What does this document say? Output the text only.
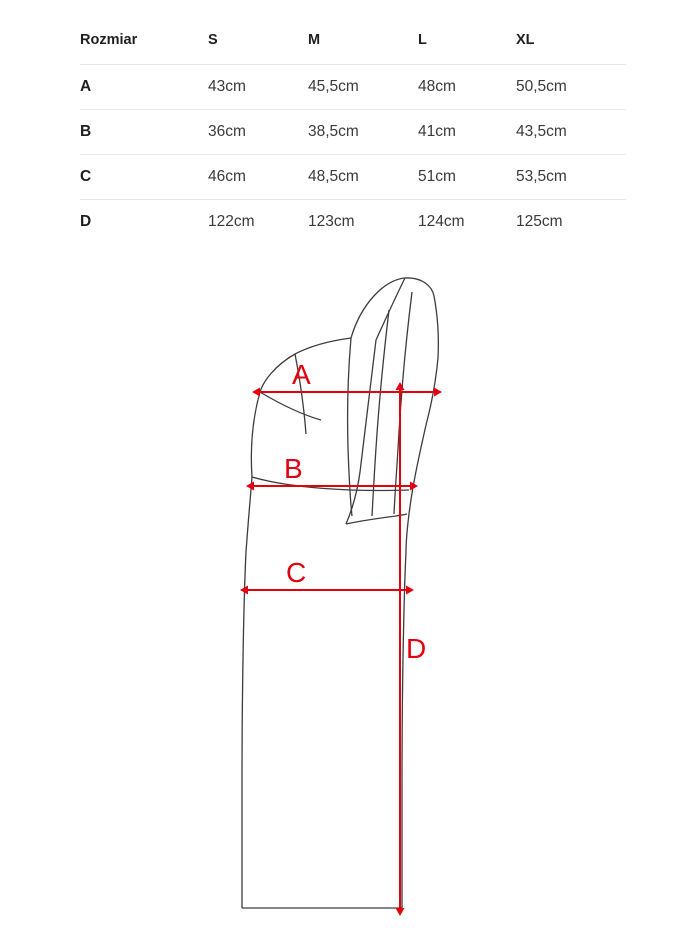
Rozmiar	S	M	L	XL
A	43cm	45,5cm	48cm	50,5cm
B	36cm	38,5cm	41cm	43,5cm
C	46cm	48,5cm	51cm	53,5cm
D	122cm	123cm	124cm	125cm
A
B
C
D
